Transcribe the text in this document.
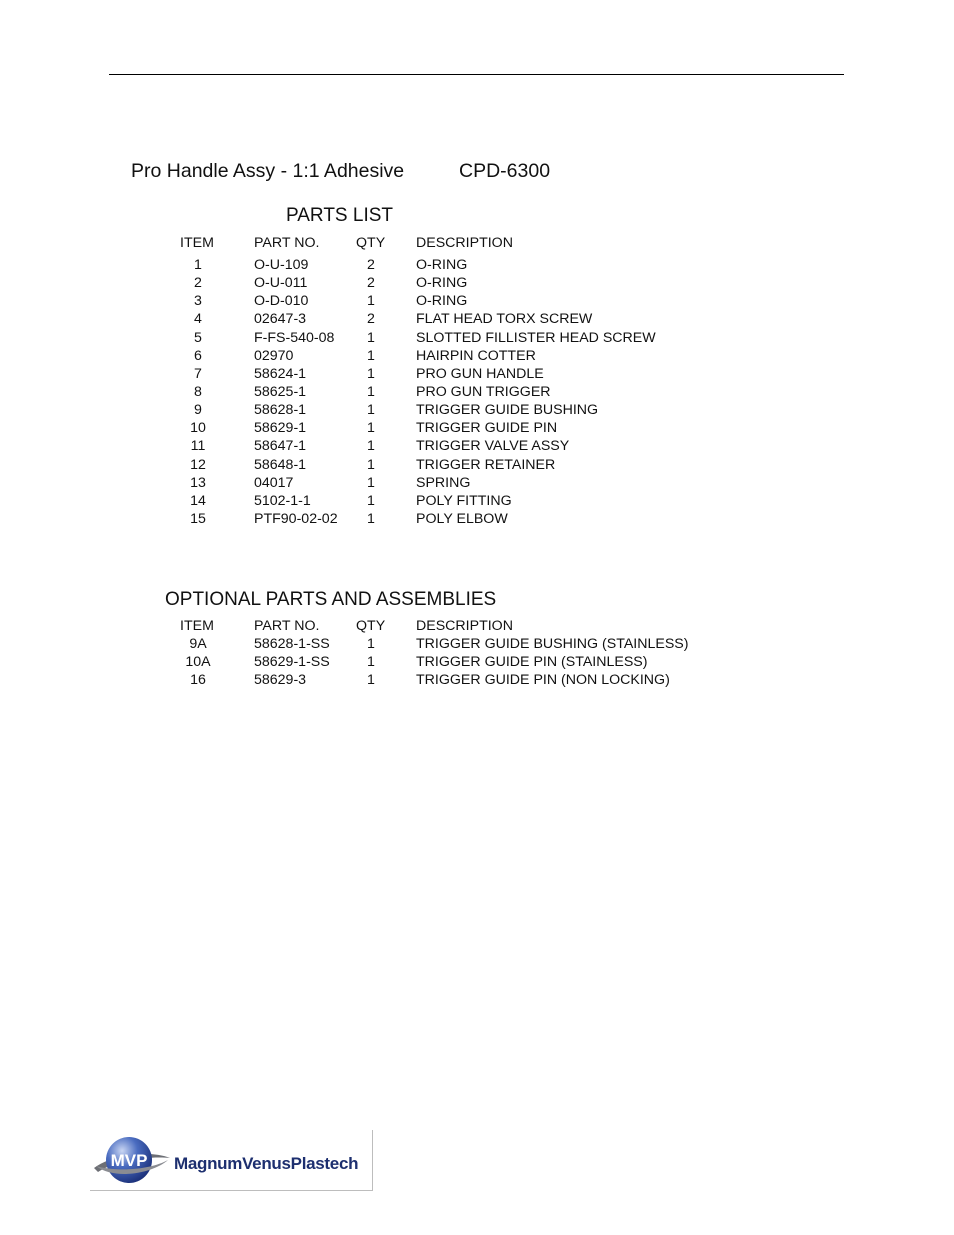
Pro Handle Assy - 1:1 Adhesive	CPD-6300
PARTS LIST
ITEM	PART NO.	QTY DESCRIPTION
1	O-U-109	2	O-RING
2	O-U-011	2	O-RING
3	O-D-010	1	O-RING
4	02647-3	2	FLAT HEAD TORX SCREW
5	F-FS-540-08	1	SLOTTED FILLISTER HEAD SCREW
6	02970	1	HAIRPIN COTTER
7	58624-1	1	PRO GUN HANDLE
8	58625-1	1	PRO GUN TRIGGER
9	58628-1	1	TRIGGER GUIDE BUSHING
10	58629-1	1	TRIGGER GUIDE PIN
11	58647-1	1	TRIGGER VALVE ASSY
12	58648-1	1	TRIGGER RETAINER
13	04017	1	SPRING
14	5102-1-1	1	POLY FITTING
15	PTF90-02-02	1	POLY ELBOW
OPTIONAL PARTS AND ASSEMBLIES
ITEM	PART NO.	QTY DESCRIPTION
9A	58628-1-SS	1	TRIGGER GUIDE BUSHING (STAINLESS)
10A	58629-1-SS	1	TRIGGER GUIDE PIN (STAINLESS)
16	58629-3	1	TRIGGER GUIDE PIN (NON LOCKING)
MVP MagnumVenusPlastech
